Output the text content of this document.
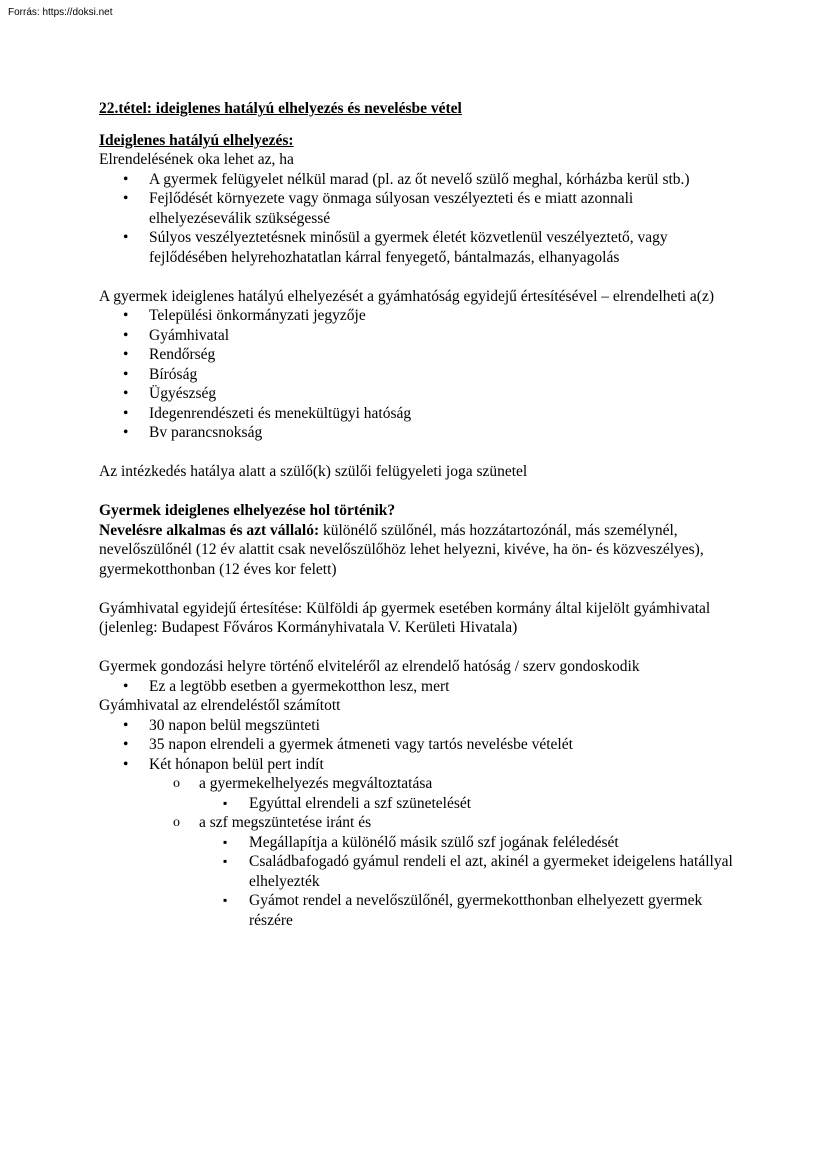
Forrás: https://doksi.net

22.tétel: ideiglenes hatályú elhelyezés és nevelésbe vétel

Ideiglenes hatályú elhelyezés:

Elrendelésének oka lehet az, ha

• A gyermek felügyelet nélkül marad (pl. az őt nevelő szülő meghal, kórházba kerül stb.)
• Fejlődését környezete vagy önmaga súlyosan veszélyezteti és e miatt azonnali elhelyezéseválik szükségessé
• Súlyos veszélyeztetésnek minősül a gyermek életét közvetlenül veszélyeztető, vagy fejlődésében helyrehozhatatlan kárral fenyegető, bántalmazás, elhanyagolás

A gyermek ideiglenes hatályú elhelyezését a gyámhatóság egyidejű értesítésével – elrendelheti a(z)

• Települési önkormányzati jegyzője
• Gyámhivatal
• Rendőrség
• Bíróság
• Ügyészség
• Idegenrendészeti és menekültügyi hatóság
• Bv parancsnokság

Az intézkedés hatálya alatt a szülő(k) szülői felügyeleti joga szünetel

Gyermek ideiglenes elhelyezése hol történik?

Nevelésre alkalmas és azt vállaló: különélő szülőnél, más hozzátartozónál, más személynél, nevelőszülőnél (12 év alattit csak nevelőszülőhöz lehet helyezni, kivéve, ha ön- és közveszélyes), gyermekotthonban (12 éves kor felett)

Gyámhivatal egyidejű értesítése: Külföldi áp gyermek esetében kormány által kijelölt gyámhivatal (jelenleg: Budapest Főváros Kormányhivatala V. Kerületi Hivatala)

Gyermek gondozási helyre történő elviteléről az elrendelő hatóság / szerv gondoskodik

• Ez a legtöbb esetben a gyermekotthon lesz, mert

Gyámhivatal az elrendeléstől számított

• 30 napon belül megszünteti
• 35 napon elrendeli a gyermek átmeneti vagy tartós nevelésbe vételét
• Két hónapon belül pert indít
o a gyermekelhelyezés megváltoztatása
▪ Egyúttal elrendeli a szf szünetelését
o a szf megszüntetése iránt és
▪ Megállapítja a különélő másik szülő szf jogának feléledését
▪ Családbafogadó gyámul rendeli el azt, akinél a gyermeket ideigelens hatállyal elhelyezték
▪ Gyámot rendel a nevelőszülőnél, gyermekotthonban elhelyezett gyermek részére
